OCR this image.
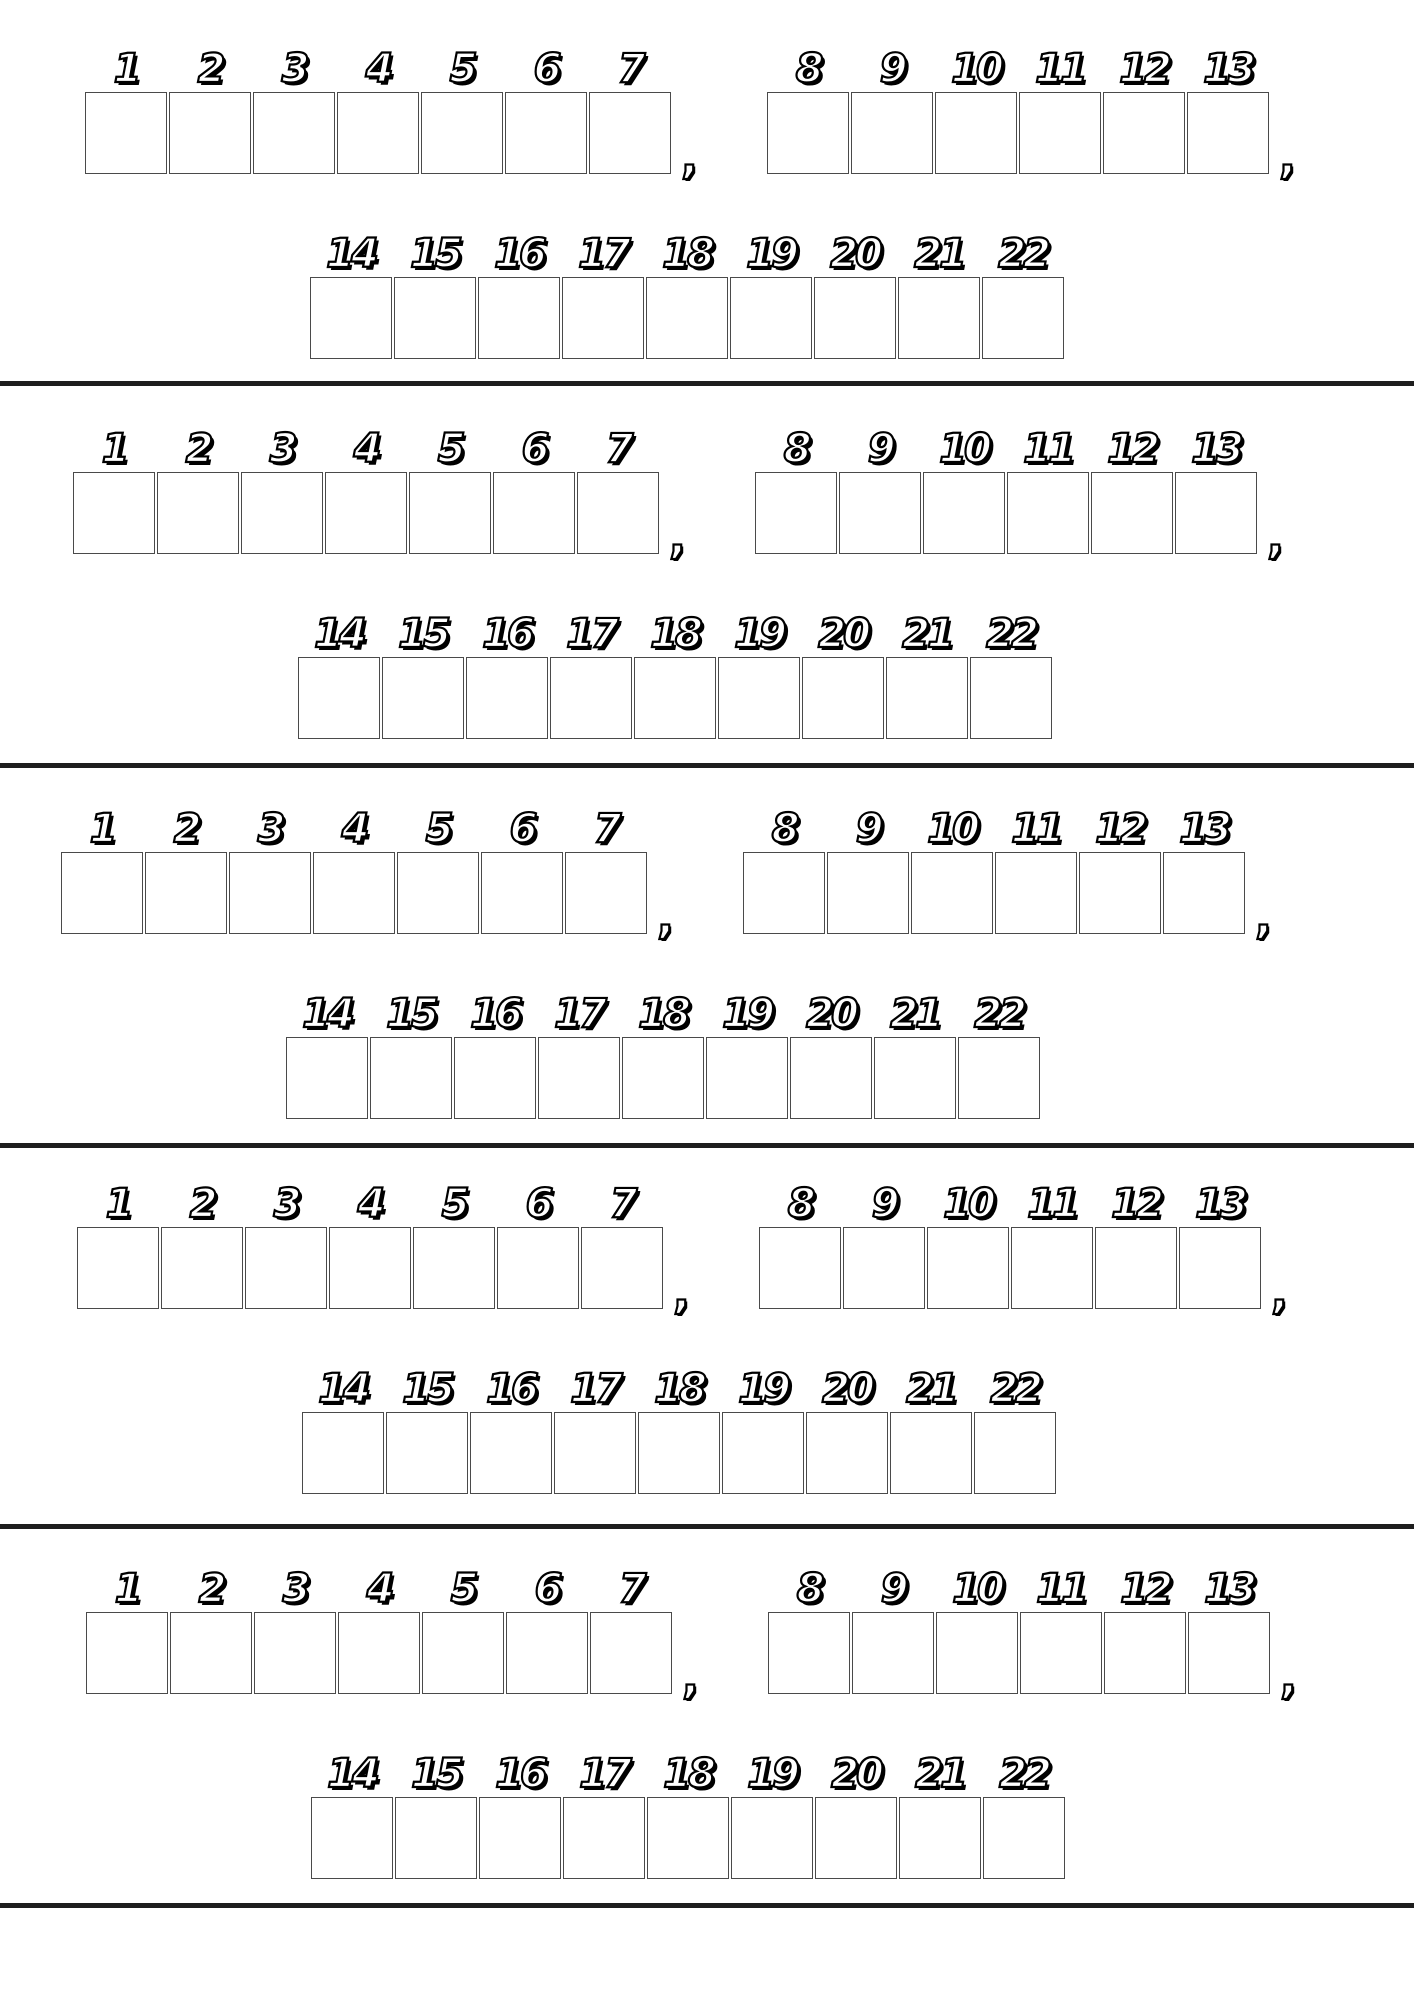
1	2	3	4	5	6	7
,
8	9	10 11 12 13
,
14 15 16 17 18 19 20 21 22
1	2	3	4	5	6	7
,
8	9	10 11 12 13
,
14 15 16 17 18 19 20 21 22
1	2	3	4	5	6	7
,
8	9	10 11 12 13
,
14 15 16 17 18 19 20 21 22
1	2	3	4	5	6	7
,
8	9	10 11 12 13
,
14 15 16 17 18 19 20 21 22
1	2	3	4	5	6	7
,
8	9	10 11 12 13
,
14 15 16 17 18 19 20 21 22
